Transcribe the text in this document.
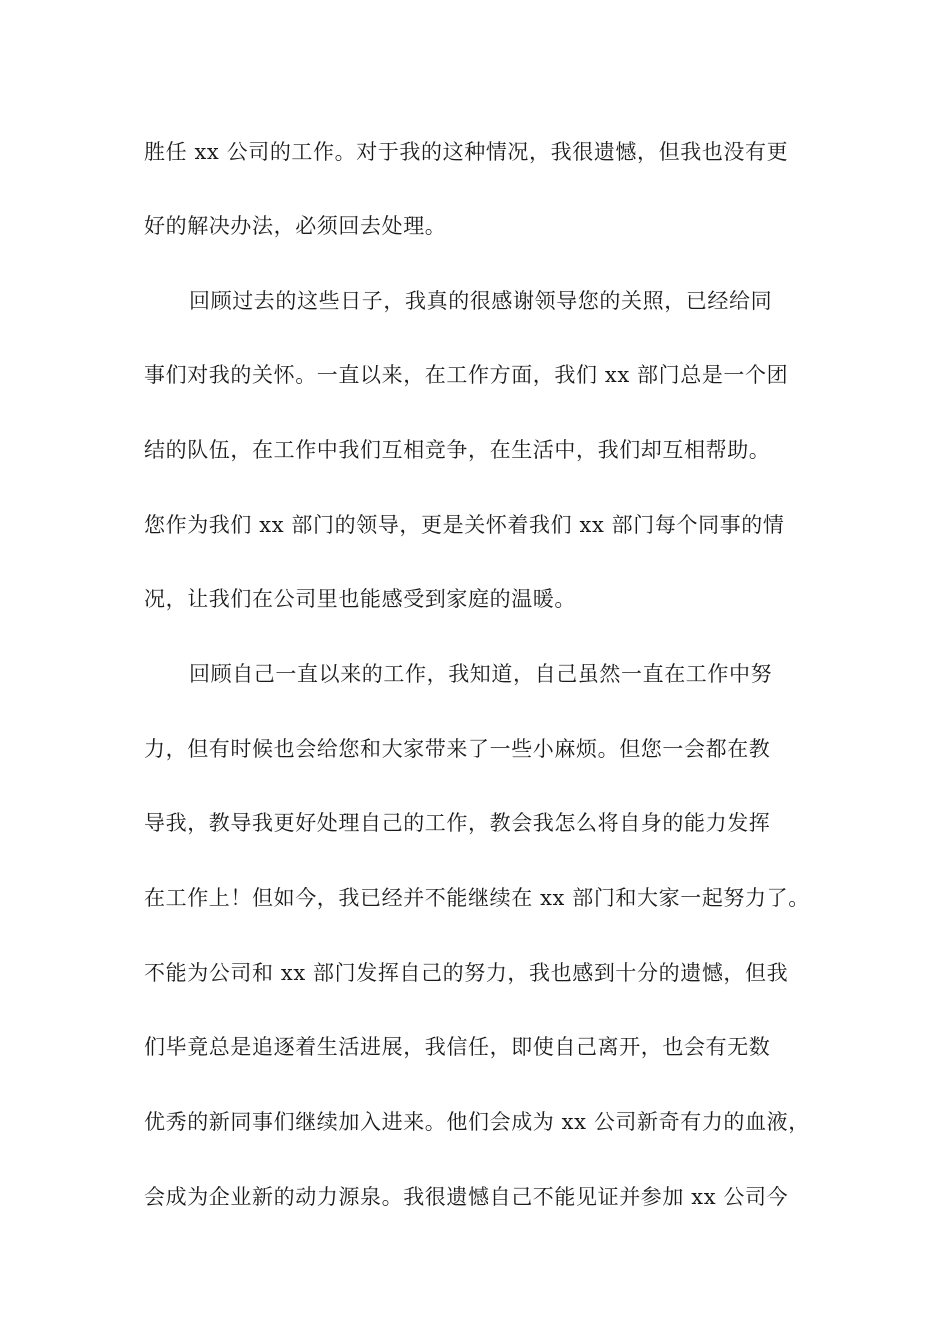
胜任 xx 公司的工作。对于我的这种情况，我很遗憾，但我也没有更
好的解决办法，必须回去处理。
回顾过去的这些日子，我真的很感谢领导您的关照，已经给同
事们对我的关怀。一直以来，在工作方面，我们 xx 部门总是一个团
结的队伍，在工作中我们互相竞争，在生活中，我们却互相帮助。
您作为我们 xx 部门的领导，更是关怀着我们 xx 部门每个同事的情
况，让我们在公司里也能感受到家庭的温暖。
回顾自己一直以来的工作，我知道，自己虽然一直在工作中努
力，但有时候也会给您和大家带来了一些小麻烦。但您一会都在教
导我，教导我更好处理自己的工作，教会我怎么将自身的能力发挥
在工作上！但如今，我已经并不能继续在 xx 部门和大家一起努力了。
不能为公司和 xx 部门发挥自己的努力，我也感到十分的遗憾，但我
们毕竟总是追逐着生活进展，我信任，即使自己离开，也会有无数
优秀的新同事们继续加入进来。他们会成为 xx 公司新奇有力的血液，
会成为企业新的动力源泉。我很遗憾自己不能见证并参加 xx 公司今
